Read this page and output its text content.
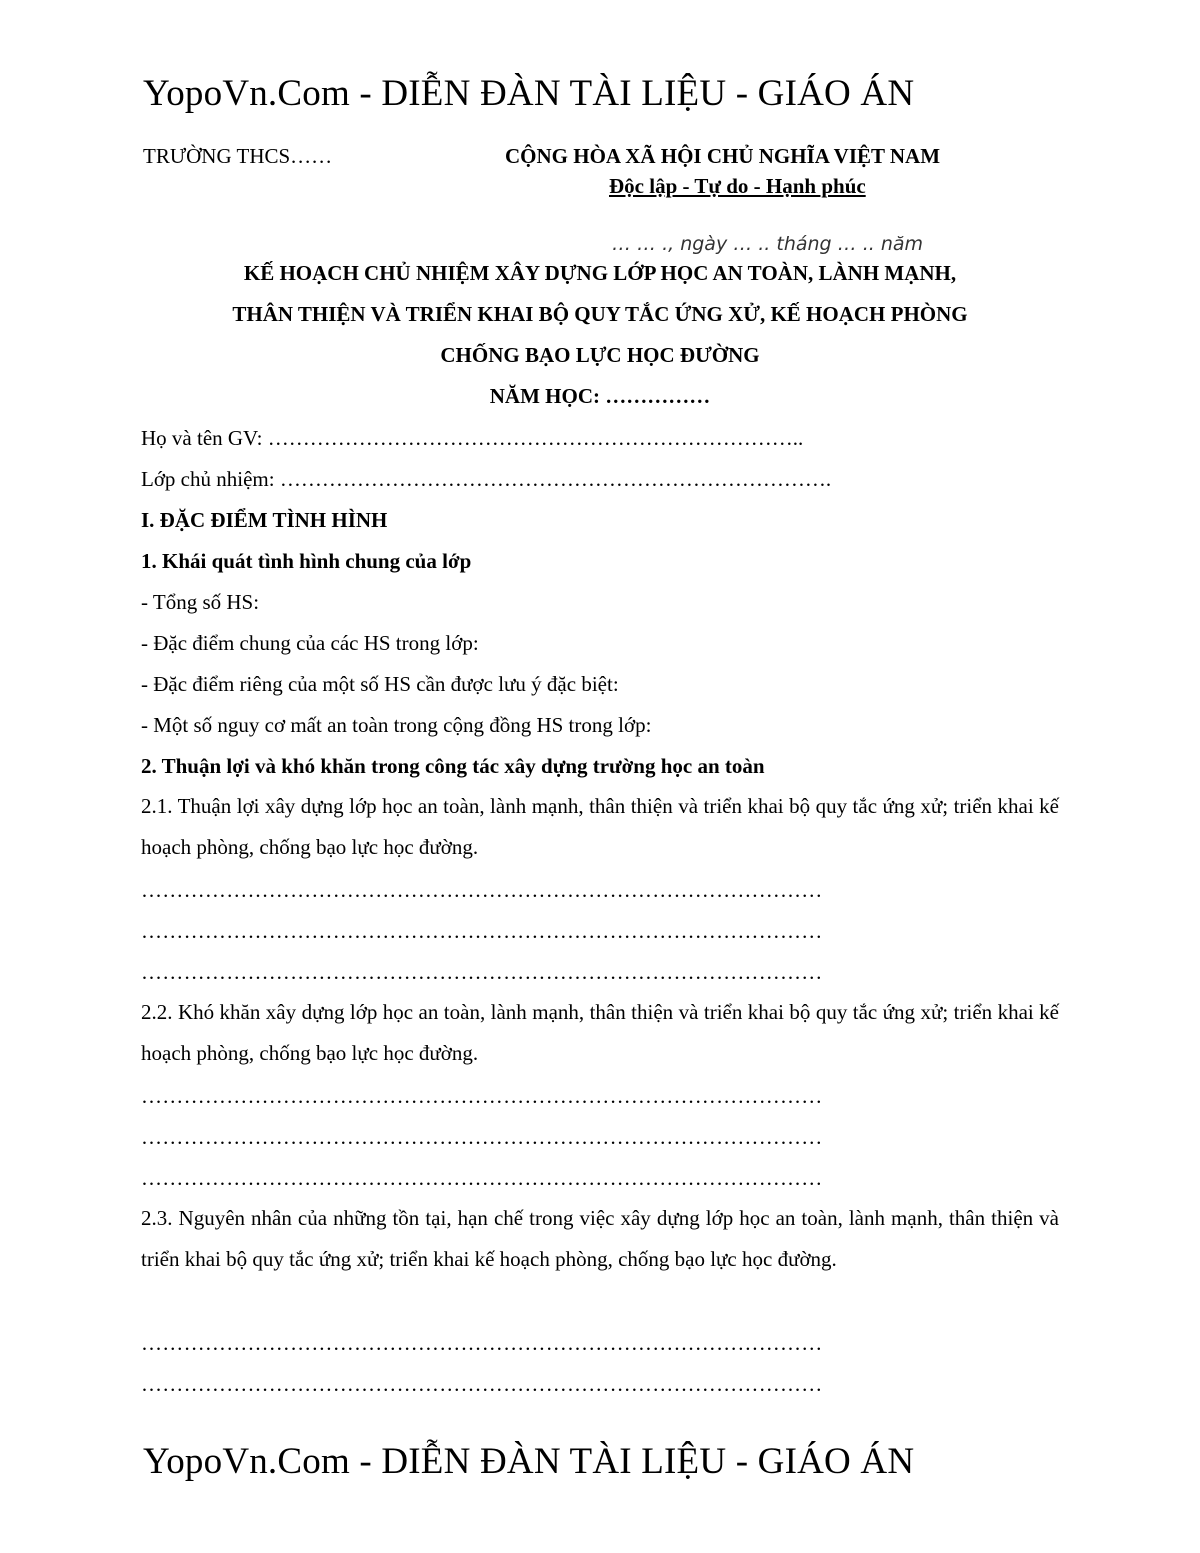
YopoVn.Com - DIỄN ĐÀN TÀI LIỆU - GIÁO ÁN
TRƯỜNG THCS……	CỘNG HÒA XÃ HỘI CHỦ NGHĨA VIỆT NAM
Độc lập - Tự do - Hạnh phúc
… … ., ngày … .. tháng … .. năm
KẾ HOẠCH CHỦ NHIỆM XÂY DỰNG LỚP HỌC AN TOÀN, LÀNH MẠNH,
THÂN THIỆN VÀ TRIỂN KHAI BỘ QUY TẮC ỨNG XỬ, KẾ HOẠCH PHÒNG
CHỐNG BẠO LỰC HỌC ĐƯỜNG
NĂM HỌC: ……………
Họ và tên GV: …………………………………………………………………..
Lớp chủ nhiệm: …………………………………………………………………….
I. ĐẶC ĐIỂM TÌNH HÌNH
1. Khái quát tình hình chung của lớp
- Tổng số HS:
- Đặc điểm chung của các HS trong lớp:
- Đặc điểm riêng của một số HS cần được lưu ý đặc biệt:
- Một số nguy cơ mất an toàn trong cộng đồng HS trong lớp:
2. Thuận lợi và khó khăn trong công tác xây dựng trường học an toàn
2.1. Thuận lợi xây dựng lớp học an toàn, lành mạnh, thân thiện và triển khai bộ quy tắc ứng xử; triển khai kế hoạch phòng, chống bạo lực học đường.
……………………………………………………………………………………
……………………………………………………………………………………
……………………………………………………………………………………
2.2. Khó khăn xây dựng lớp học an toàn, lành mạnh, thân thiện và triển khai bộ quy tắc ứng xử; triển khai kế hoạch phòng, chống bạo lực học đường.
……………………………………………………………………………………
……………………………………………………………………………………
……………………………………………………………………………………
2.3. Nguyên nhân của những tồn tại, hạn chế trong việc xây dựng lớp học an toàn, lành mạnh, thân thiện và triển khai bộ quy tắc ứng xử; triển khai kế hoạch phòng, chống bạo lực học đường.
……………………………………………………………………………………
……………………………………………………………………………………
YopoVn.Com - DIỄN ĐÀN TÀI LIỆU - GIÁO ÁN
